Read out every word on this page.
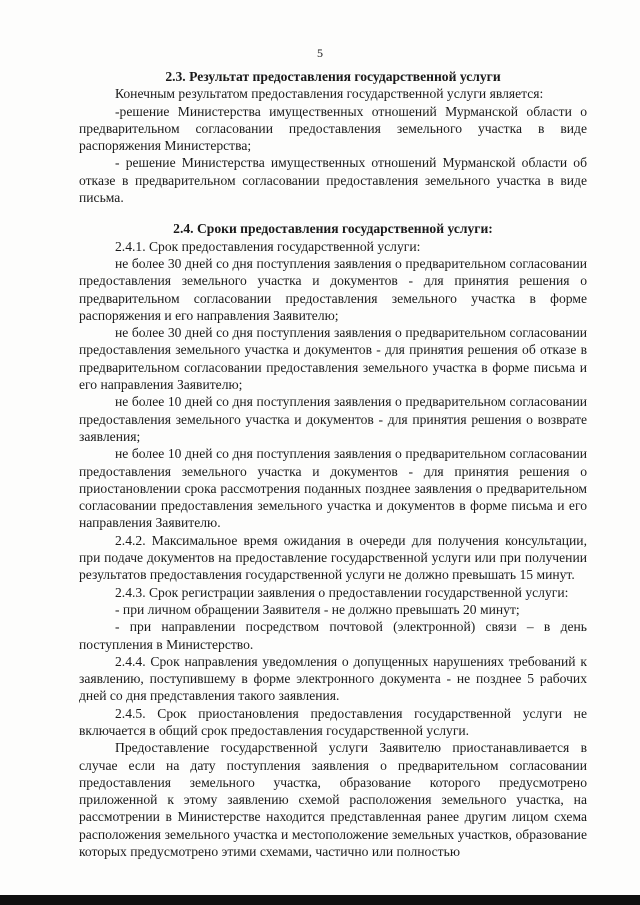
5

2.3. Результат предоставления государственной услуги

Конечным результатом предоставления государственной услуги является:

-решение Министерства имущественных отношений Мурманской области о предварительном согласовании предоставления земельного участка в виде распоряжения Министерства;

- решение Министерства имущественных отношений Мурманской области об отказе в предварительном согласовании предоставления земельного участка в виде письма.

2.4. Сроки предоставления государственной услуги:

2.4.1. Срок предоставления государственной услуги:

не более 30 дней со дня поступления заявления о предварительном согласовании предоставления земельного участка и документов - для принятия решения о предварительном согласовании предоставления земельного участка в форме распоряжения и его направления Заявителю;

не более 30 дней со дня поступления заявления о предварительном согласовании предоставления земельного участка и документов - для принятия решения об отказе в предварительном согласовании предоставления земельного участка в форме письма и его направления Заявителю;

не более 10 дней со дня поступления заявления о предварительном согласовании предоставления земельного участка и документов - для принятия решения о возврате заявления;

не более 10 дней со дня поступления заявления о предварительном согласовании предоставления земельного участка и документов - для принятия решения о приостановлении срока рассмотрения поданных позднее заявления о предварительном согласовании предоставления земельного участка и документов в форме письма и его направления Заявителю.

2.4.2. Максимальное время ожидания в очереди для получения консультации, при подаче документов на предоставление государственной услуги или при получении результатов предоставления государственной услуги не должно превышать 15 минут.

2.4.3. Срок регистрации заявления о предоставлении государственной услуги:

- при личном обращении Заявителя - не должно превышать 20 минут;

- при направлении посредством почтовой (электронной) связи – в день поступления в Министерство.

2.4.4. Срок направления уведомления о допущенных нарушениях требований к заявлению, поступившему в форме электронного документа - не позднее 5 рабочих дней со дня представления такого заявления.

2.4.5. Срок приостановления предоставления государственной услуги не включается в общий срок предоставления государственной услуги.

Предоставление государственной услуги Заявителю приостанавливается в случае если на дату поступления заявления о предварительном согласовании предоставления земельного участка, образование которого предусмотрено приложенной к этому заявлению схемой расположения земельного участка, на рассмотрении в Министерстве находится представленная ранее другим лицом схема расположения земельного участка и местоположение земельных участков, образование которых предусмотрено этими схемами, частично или полностью
